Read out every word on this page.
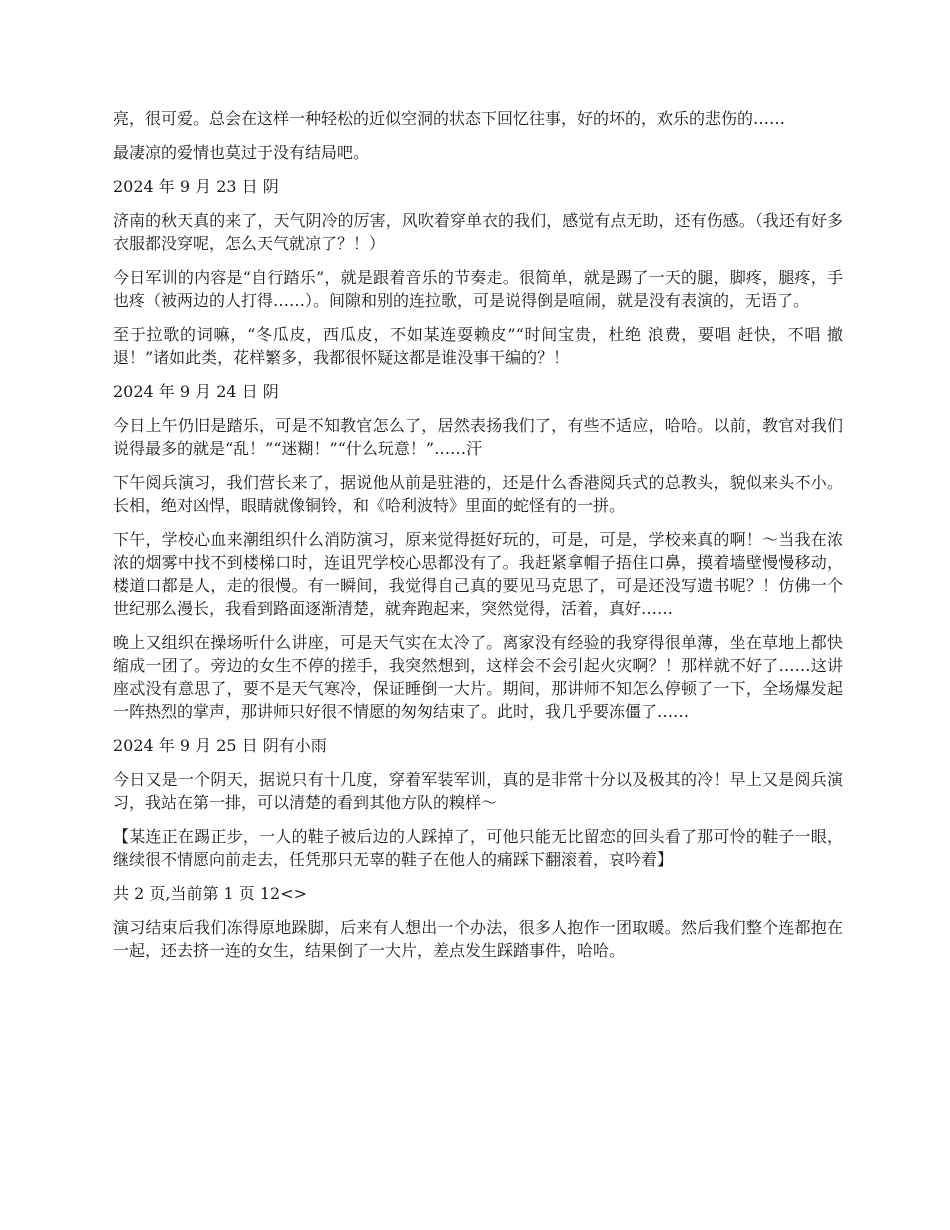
亮，很可爱。总会在这样一种轻松的近似空洞的状态下回忆往事，好的坏的，欢乐的悲伤的……

最凄凉的爱情也莫过于没有结局吧。

2024 年 9 月 23 日 阴

济南的秋天真的来了，天气阴冷的厉害，风吹着穿单衣的我们，感觉有点无助，还有伤感。（我还有好多衣服都没穿呢，怎么天气就凉了？！）

今日军训的内容是“自行踏乐”，就是跟着音乐的节奏走。很简单，就是踢了一天的腿，脚疼，腿疼，手也疼（被两边的人打得……）。间隙和别的连拉歌，可是说得倒是喧闹，就是没有表演的，无语了。

至于拉歌的词嘛，“冬瓜皮，西瓜皮，不如某连耍赖皮”“时间宝贵，杜绝 浪费，要唱 赶快，不唱 撤退！”诸如此类，花样繁多，我都很怀疑这都是谁没事干编的？！

2024 年 9 月 24 日 阴

今日上午仍旧是踏乐，可是不知教官怎么了，居然表扬我们了，有些不适应，哈哈。以前，教官对我们说得最多的就是“乱！”“迷糊！”“什么玩意！”……汗

下午阅兵演习，我们营长来了，据说他从前是驻港的，还是什么香港阅兵式的总教头，貌似来头不小。长相，绝对凶悍，眼睛就像铜铃，和《哈利波特》里面的蛇怪有的一拼。

下午，学校心血来潮组织什么消防演习，原来觉得挺好玩的，可是，可是，学校来真的啊！～当我在浓浓的烟雾中找不到楼梯口时，连诅咒学校心思都没有了。我赶紧拿帽子捂住口鼻，摸着墙壁慢慢移动，楼道口都是人，走的很慢。有一瞬间，我觉得自己真的要见马克思了，可是还没写遗书呢？！仿佛一个世纪那么漫长，我看到路面逐渐清楚，就奔跑起来，突然觉得，活着，真好……

晚上又组织在操场听什么讲座，可是天气实在太冷了。离家没有经验的我穿得很单薄，坐在草地上都快缩成一团了。旁边的女生不停的搓手，我突然想到，这样会不会引起火灾啊？！那样就不好了……这讲座忒没有意思了，要不是天气寒冷，保证睡倒一大片。期间，那讲师不知怎么停顿了一下，全场爆发起一阵热烈的掌声，那讲师只好很不情愿的匆匆结束了。此时，我几乎要冻僵了……

2024 年 9 月 25 日 阴有小雨

今日又是一个阴天，据说只有十几度，穿着军装军训，真的是非常十分以及极其的冷！早上又是阅兵演习，我站在第一排，可以清楚的看到其他方队的糗样～

【某连正在踢正步，一人的鞋子被后边的人踩掉了，可他只能无比留恋的回头看了那可怜的鞋子一眼，继续很不情愿向前走去，任凭那只无辜的鞋子在他人的痛踩下翻滚着，哀吟着】

共 2 页,当前第 1 页 12<>

演习结束后我们冻得原地跺脚，后来有人想出一个办法，很多人抱作一团取暖。然后我们整个连都抱在一起，还去挤一连的女生，结果倒了一大片，差点发生踩踏事件，哈哈。
